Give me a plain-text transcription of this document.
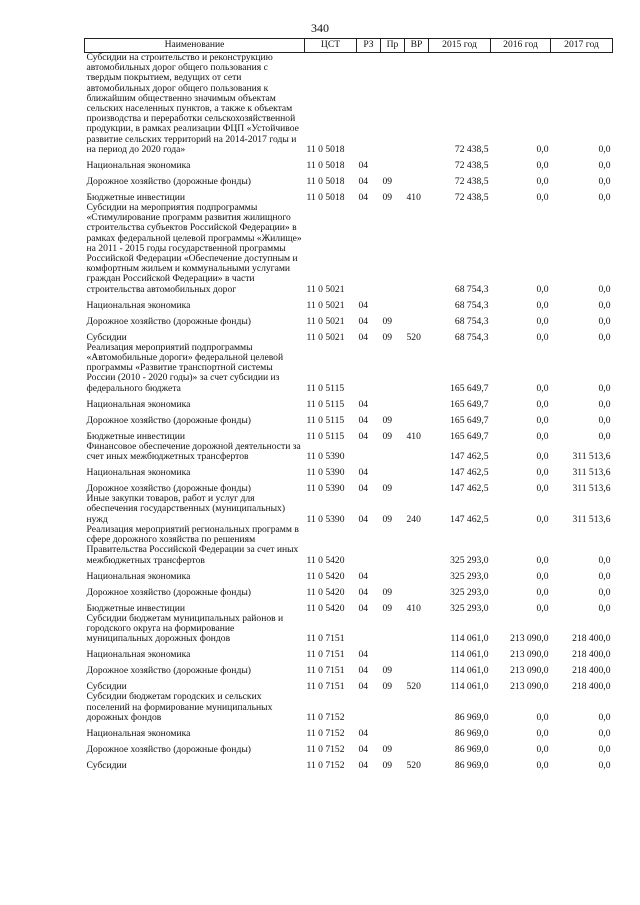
340
Наименование	ЦСТ	РЗ	Пр	ВР	2015 год	2016 год	2017 год
Субсидии на строительство и реконструкцию автомобильных дорог общего пользования с твердым покрытием, ведущих от сети автомобильных дорог общего пользования к ближайшим общественно значимым объектам сельских населенных пунктов, а также к объектам производства и переработки сельскохозяйственной продукции, в рамках реализации ФЦП «Устойчивое развитие сельских территорий на 2014-2017 годы и на период до 2020 года»	11 0 5018				72 438,5	0,0	0,0
Национальная экономика	11 0 5018	04			72 438,5	0,0	0,0
Дорожное хозяйство (дорожные фонды)	11 0 5018	04	09		72 438,5	0,0	0,0
Бюджетные инвестиции	11 0 5018	04	09	410	72 438,5	0,0	0,0
Субсидии на мероприятия подпрограммы «Стимулирование программ развития жилищного строительства субъектов Российской Федерации» в рамках федеральной целевой программы «Жилище» на 2011 - 2015 годы государственной программы Российской Федерации «Обеспечение доступным и комфортным жильем и коммунальными услугами граждан Российской Федерации» в части строительства автомобильных дорог	11 0 5021				68 754,3	0,0	0,0
Национальная экономика	11 0 5021	04			68 754,3	0,0	0,0
Дорожное хозяйство (дорожные фонды)	11 0 5021	04	09		68 754,3	0,0	0,0
Субсидии	11 0 5021	04	09	520	68 754,3	0,0	0,0
Реализация мероприятий подпрограммы «Автомобильные дороги» федеральной целевой программы «Развитие транспортной системы России (2010 - 2020 годы)» за счет субсидии из федерального бюджета	11 0 5115				165 649,7	0,0	0,0
Национальная экономика	11 0 5115	04			165 649,7	0,0	0,0
Дорожное хозяйство (дорожные фонды)	11 0 5115	04	09		165 649,7	0,0	0,0
Бюджетные инвестиции	11 0 5115	04	09	410	165 649,7	0,0	0,0
Финансовое обеспечение дорожной деятельности за счет иных межбюджетных трансфертов	11 0 5390				147 462,5	0,0	311 513,6
Национальная экономика	11 0 5390	04			147 462,5	0,0	311 513,6
Дорожное хозяйство (дорожные фонды)	11 0 5390	04	09		147 462,5	0,0	311 513,6
Иные закупки товаров, работ и услуг для обеспечения государственных (муниципальных) нужд	11 0 5390	04	09	240	147 462,5	0,0	311 513,6
Реализация мероприятий региональных программ в сфере дорожного хозяйства по решениям Правительства Российской Федерации за счет иных межбюджетных трансфертов	11 0 5420				325 293,0	0,0	0,0
Национальная экономика	11 0 5420	04			325 293,0	0,0	0,0
Дорожное хозяйство (дорожные фонды)	11 0 5420	04	09		325 293,0	0,0	0,0
Бюджетные инвестиции	11 0 5420	04	09	410	325 293,0	0,0	0,0
Субсидии бюджетам муниципальных районов и городского округа на формирование муниципальных дорожных фондов	11 0 7151				114 061,0	213 090,0	218 400,0
Национальная экономика	11 0 7151	04			114 061,0	213 090,0	218 400,0
Дорожное хозяйство (дорожные фонды)	11 0 7151	04	09		114 061,0	213 090,0	218 400,0
Субсидии	11 0 7151	04	09	520	114 061,0	213 090,0	218 400,0
Субсидии бюджетам городских и сельских поселений на формирование муниципальных дорожных фондов	11 0 7152				86 969,0	0,0	0,0
Национальная экономика	11 0 7152	04			86 969,0	0,0	0,0
Дорожное хозяйство (дорожные фонды)	11 0 7152	04	09		86 969,0	0,0	0,0
Субсидии	11 0 7152	04	09	520	86 969,0	0,0	0,0
